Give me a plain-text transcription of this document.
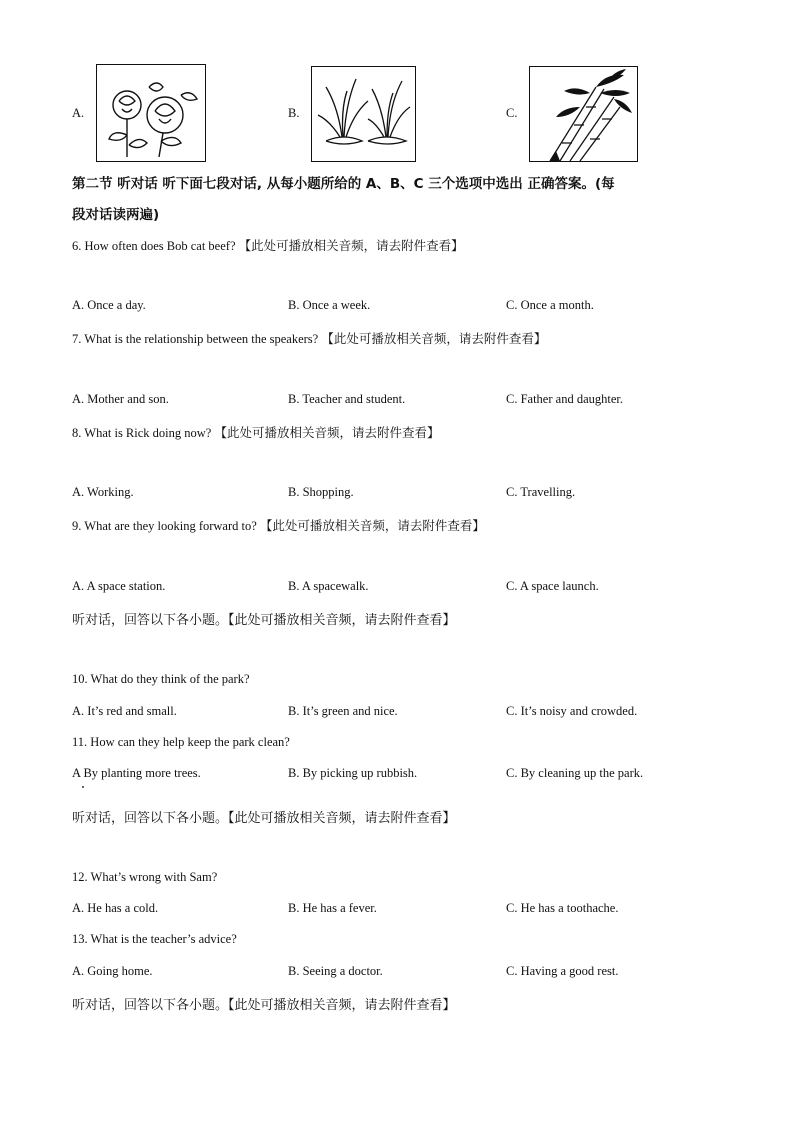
A.	B.	C.
第二节 听对话 听下面七段对话, 从每小题所给的 A、B、C 三个选项中选出 正确答案。(每
段对话读两遍)
6. How often does Bob cat beef? 【此处可播放相关音频，请去附件查看】
A. Once a day.	B. Once a week.	C. Once a month.
7. What is the relationship between the speakers? 【此处可播放相关音频，请去附件查看】
A. Mother and son.	B. Teacher and student.	C. Father and daughter.
8. What is Rick doing now? 【此处可播放相关音频，请去附件查看】
A. Working.	B. Shopping.	C. Travelling.
9. What are they looking forward to? 【此处可播放相关音频，请去附件查看】
A. A space station.	B. A spacewalk.	C. A space launch.
听对话，回答以下各小题。【此处可播放相关音频，请去附件查看】
10. What do they think of the park?
A. It’s red and small.	B. It’s green and nice.	C. It’s noisy and crowded.
11. How can they help keep the park clean?
A By planting more trees.	B. By picking up rubbish.	C. By cleaning up the park.
听对话，回答以下各小题。【此处可播放相关音频，请去附件查看】
12. What’s wrong with Sam?
A. He has a cold.	B. He has a fever.	C. He has a toothache.
13. What is the teacher’s advice?
A. Going home.	B. Seeing a doctor.	C. Having a good rest.
听对话，回答以下各小题。【此处可播放相关音频，请去附件查看】
